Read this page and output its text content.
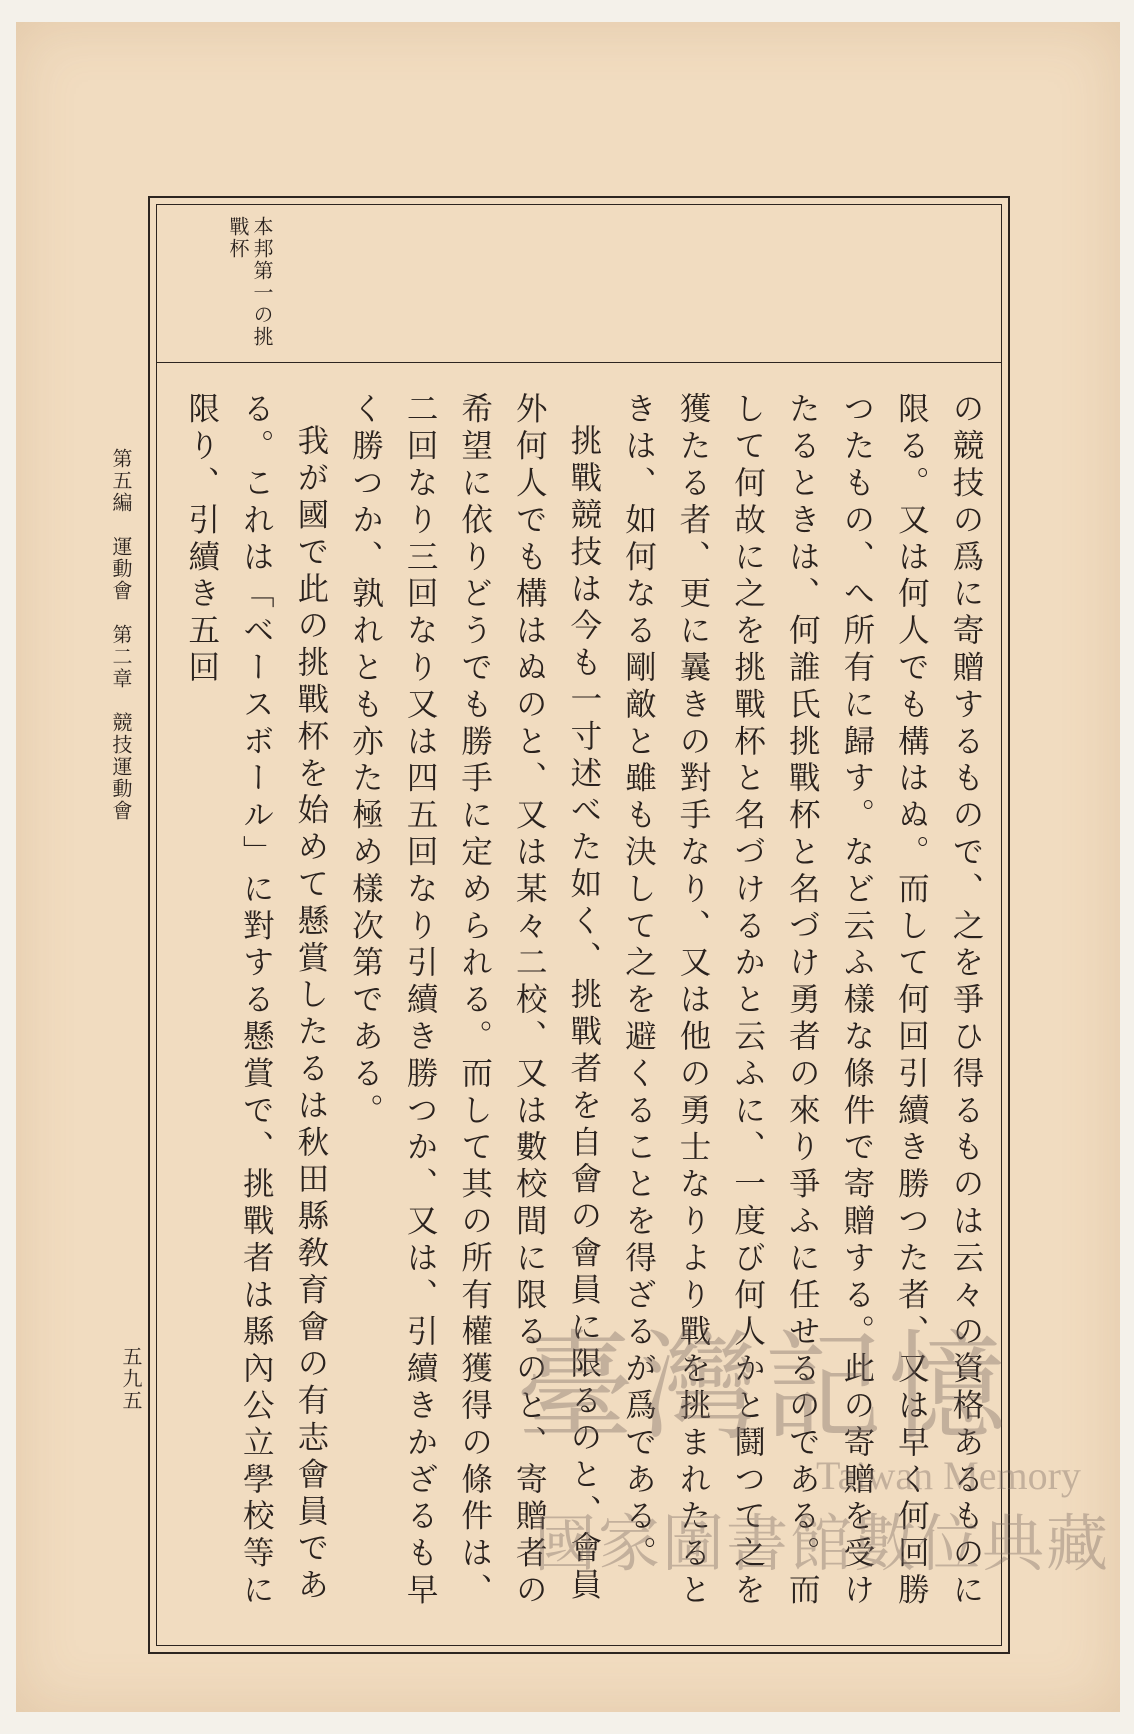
本邦第一の挑戰杯

の競技の爲に寄贈するもので、之を爭ひ得るものは云々の資格あるものに限る。又は何人でも構はぬ。而して何回引續き勝つた者、又は早く何回勝つたもの、へ所有に歸す。など云ふ樣な條件で寄贈する。此の寄贈を受けたるときは、何誰氏挑戰杯と名づけ勇者の來り爭ふに任せるのである。而して何故に之を挑戰杯と名づけるかと云ふに、一度び何人かと鬪つて之を獲たる者、更に曩きの對手なり、又は他の勇士なりより戰を挑まれたるときは、如何なる剛敵と雖も決して之を避くることを得ざるが爲である。

挑戰競技は今も一寸述べた如く、挑戰者を自會の會員に限るのと、會員外何人でも構はぬのと、又は某々二校、又は數校間に限るのと、寄贈者の希望に依りどうでも勝手に定められる。而して其の所有權獲得の條件は、二回なり三回なり又は四五回なり引續き勝つか、又は、引續きかざるも早く勝つか、孰れとも亦た極め樣次第である。

我が國で此の挑戰杯を始めて懸賞したるは秋田縣敎育會の有志會員である。これは「ベースボール」に對する懸賞で、挑戰者は縣內公立學校等に限り、引續き五回

第五編　運動會　第二章　競技運動會
五九五	臺灣記憶
Taiwan Memory
國家圖書館數位典藏
